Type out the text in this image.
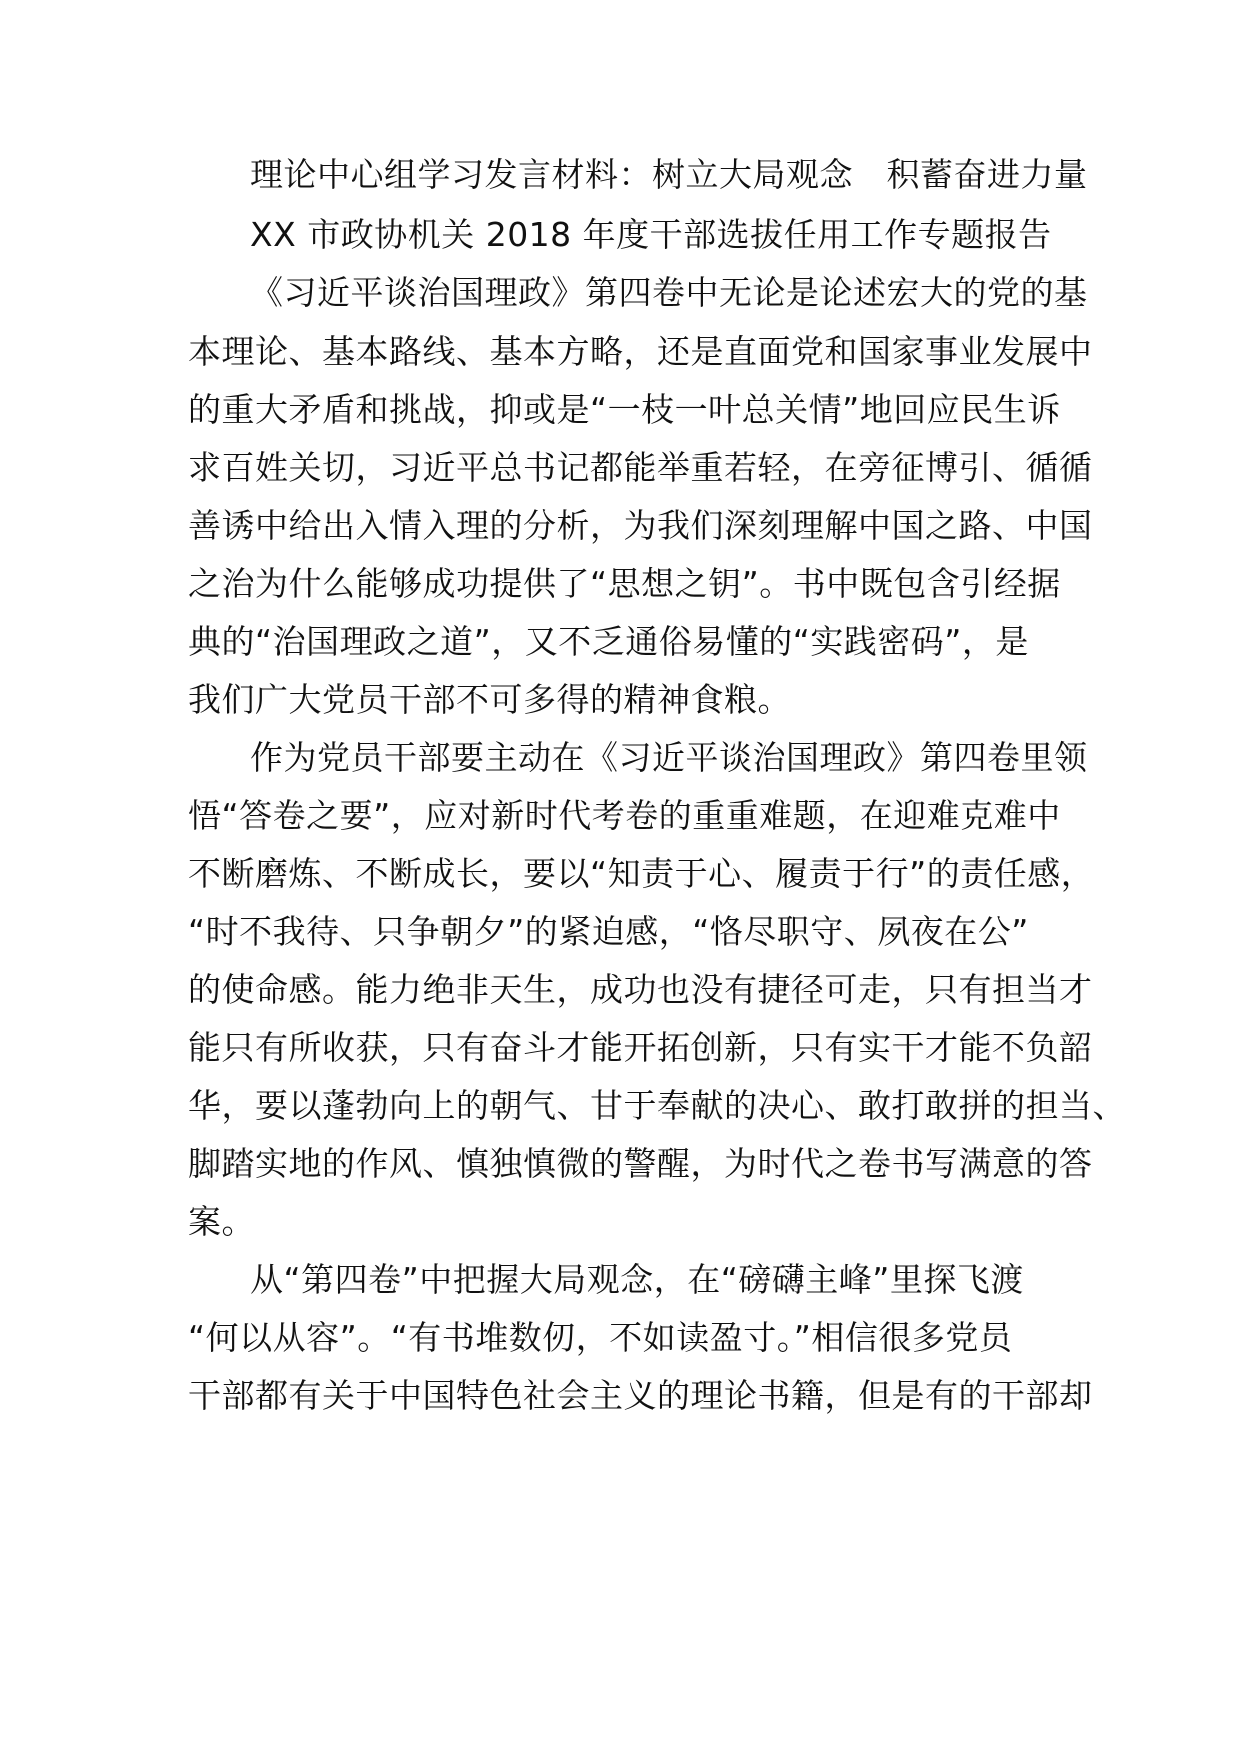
理论中心组学习发言材料：树立大局观念　积蓄奋进力量
XX 市政协机关 2018 年度干部选拔任用工作专题报告
《习近平谈治国理政》第四卷中无论是论述宏大的党的基
本理论、基本路线、基本方略，还是直面党和国家事业发展中
的重大矛盾和挑战，抑或是“一枝一叶总关情”地回应民生诉
求百姓关切，习近平总书记都能举重若轻，在旁征博引、循循
善诱中给出入情入理的分析，为我们深刻理解中国之路、中国
之治为什么能够成功提供了“思想之钥”。书中既包含引经据
典的“治国理政之道”，又不乏通俗易懂的“实践密码”，是
我们广大党员干部不可多得的精神食粮。
作为党员干部要主动在《习近平谈治国理政》第四卷里领
悟“答卷之要”，应对新时代考卷的重重难题，在迎难克难中
不断磨炼、不断成长，要以“知责于心、履责于行”的责任感，
“时不我待、只争朝夕”的紧迫感，“恪尽职守、夙夜在公”
的使命感。能力绝非天生，成功也没有捷径可走，只有担当才
能只有所收获，只有奋斗才能开拓创新，只有实干才能不负韶
华，要以蓬勃向上的朝气、甘于奉献的决心、敢打敢拼的担当、
脚踏实地的作风、慎独慎微的警醒，为时代之卷书写满意的答
案。
从“第四卷”中把握大局观念，在“磅礴主峰”里探飞渡
“何以从容”。“有书堆数仞，不如读盈寸。”相信很多党员
干部都有关于中国特色社会主义的理论书籍，但是有的干部却
